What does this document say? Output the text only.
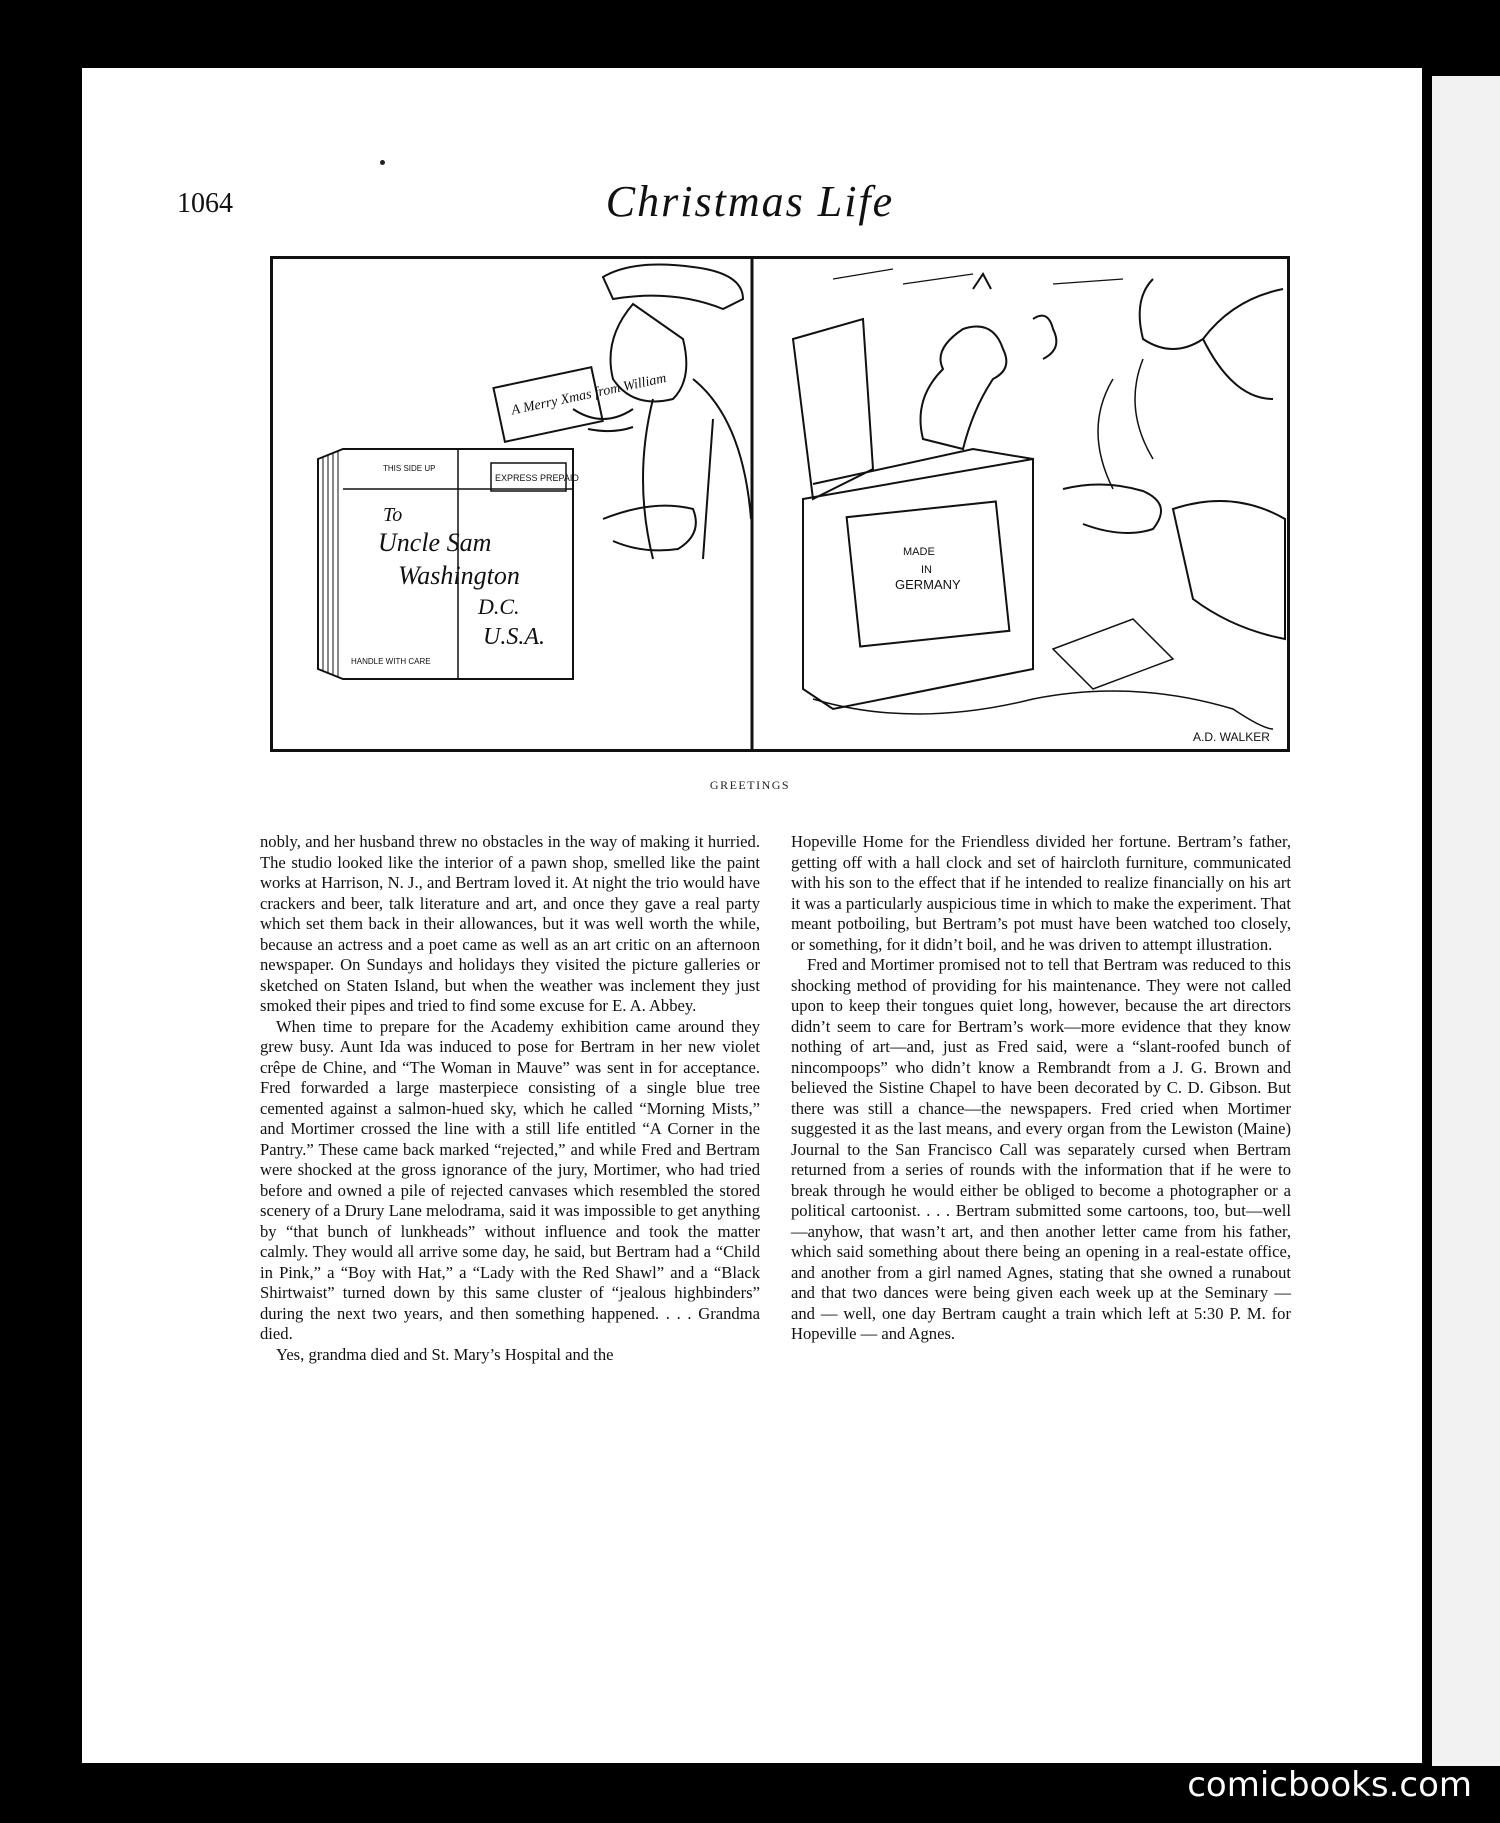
1064	Christmas Life
A Merry Xmas from William
To
Uncle Sam
Washington
D.C.
U.S.A.
THIS SIDE UP
EXPRESS PREPAID
HANDLE WITH CARE
MADE
IN
GERMANY
A.D. WALKER
GREETINGS

nobly, and her husband threw no obstacles in the way of making it hurried. The studio looked like the interior of a pawn shop, smelled like the paint works at Harrison, N. J., and Bertram loved it. At night the trio would have crackers and beer, talk literature and art, and once they gave a real party which set them back in their allowances, but it was well worth the while, because an actress and a poet came as well as an art critic on an afternoon newspaper. On Sundays and holidays they visited the picture galleries or sketched on Staten Island, but when the weather was inclement they just smoked their pipes and tried to find some excuse for E. A. Abbey.

When time to prepare for the Academy exhibition came around they grew busy. Aunt Ida was induced to pose for Bertram in her new violet crêpe de Chine, and “The Woman in Mauve” was sent in for acceptance. Fred forwarded a large masterpiece consisting of a single blue tree cemented against a salmon-hued sky, which he called “Morning Mists,” and Mortimer crossed the line with a still life entitled “A Corner in the Pantry.” These came back marked “rejected,” and while Fred and Bertram were shocked at the gross ignorance of the jury, Mortimer, who had tried before and owned a pile of rejected canvases which resembled the stored scenery of a Drury Lane melodrama, said it was impossible to get anything by “that bunch of lunkheads” without influence and took the matter calmly. They would all arrive some day, he said, but Bertram had a “Child in Pink,” a “Boy with Hat,” a “Lady with the Red Shawl” and a “Black Shirtwaist” turned down by this same cluster of “jealous highbinders” during the next two years, and then something happened. . . . Grandma died.

Yes, grandma died and St. Mary’s Hospital and the

Hopeville Home for the Friendless divided her fortune. Bertram’s father, getting off with a hall clock and set of haircloth furniture, communicated with his son to the effect that if he intended to realize financially on his art it was a particularly auspicious time in which to make the experiment. That meant potboiling, but Bertram’s pot must have been watched too closely, or something, for it didn’t boil, and he was driven to attempt illustration.

Fred and Mortimer promised not to tell that Bertram was reduced to this shocking method of providing for his maintenance. They were not called upon to keep their tongues quiet long, however, because the art directors didn’t seem to care for Bertram’s work—more evidence that they know nothing of art—and, just as Fred said, were a “slant-roofed bunch of nincompoops” who didn’t know a Rembrandt from a J. G. Brown and believed the Sistine Chapel to have been decorated by C. D. Gibson. But there was still a chance—the newspapers. Fred cried when Mortimer suggested it as the last means, and every organ from the Lewiston (Maine) Journal to the San Francisco Call was separately cursed when Bertram returned from a series of rounds with the information that if he were to break through he would either be obliged to become a photographer or a political cartoonist. . . . Bertram submitted some cartoons, too, but—well—anyhow, that wasn’t art, and then another letter came from his father, which said something about there being an opening in a real-estate office, and another from a girl named Agnes, stating that she owned a runabout and that two dances were being given each week up at the Seminary — and — well, one day Bertram caught a train which left at 5:30 P. M. for Hopeville — and Agnes.

comicbooks.com
